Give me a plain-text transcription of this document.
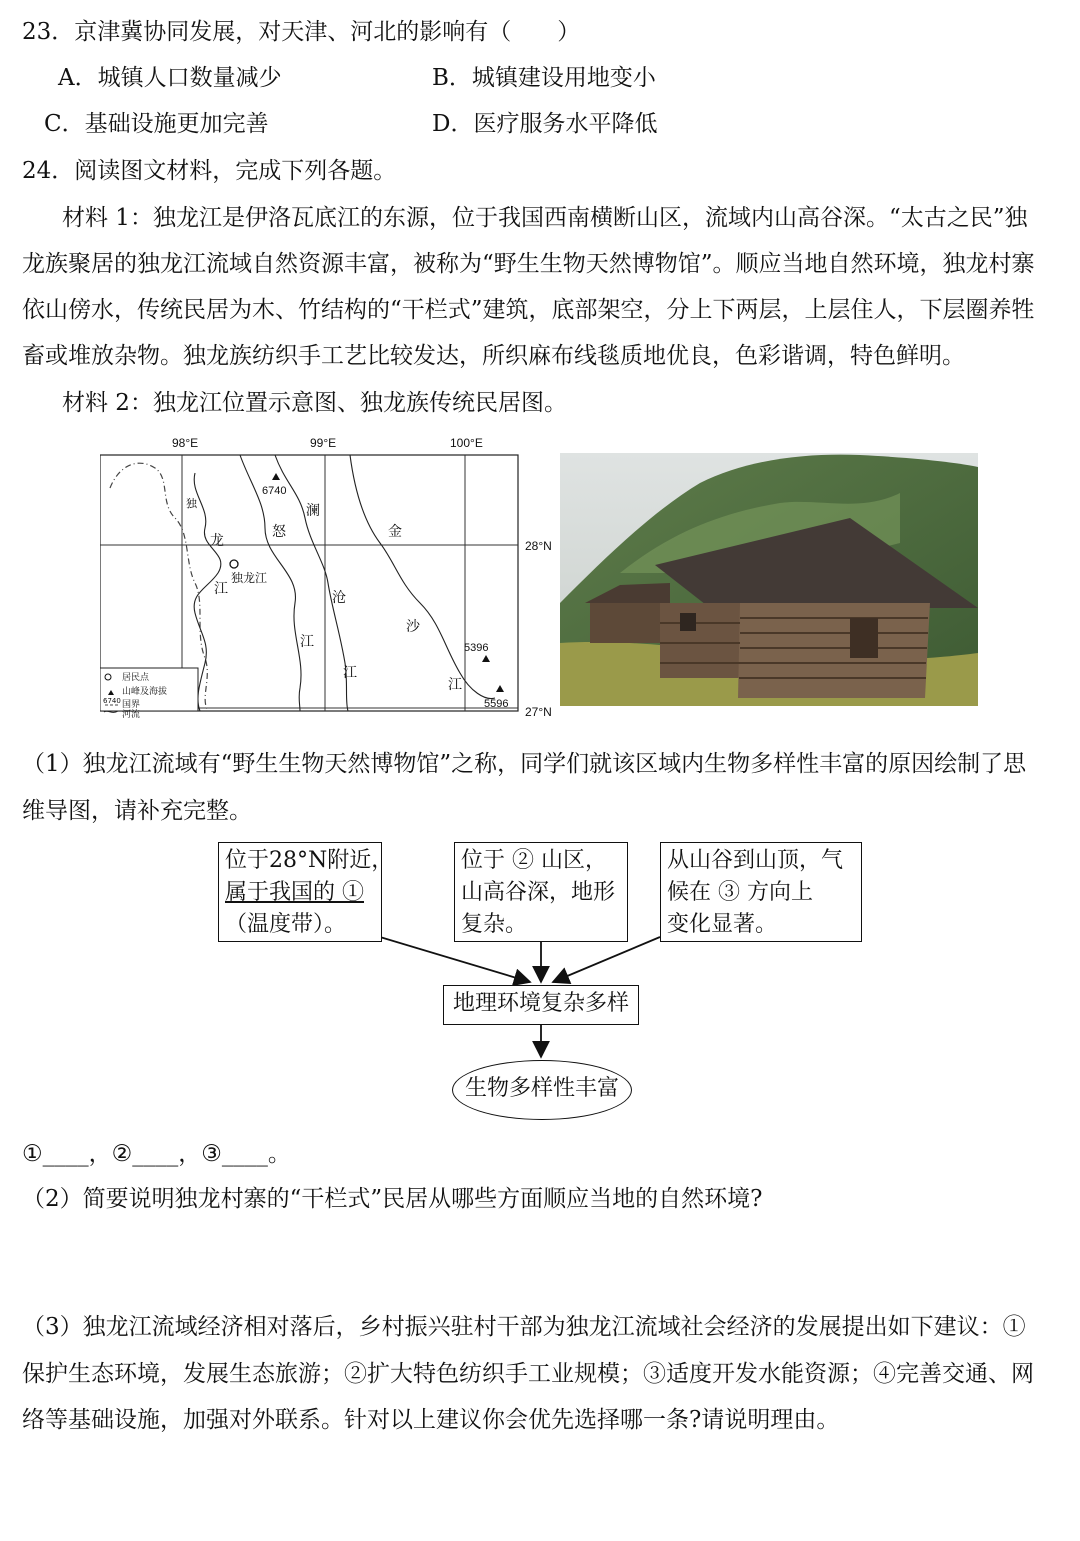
23．京津冀协同发展，对天津、河北的影响有（　　）
A．城镇人口数量减少	B．城镇建设用地变小
C．基础设施更加完善	D．医疗服务水平降低
24．阅读图文材料，完成下列各题。
材料 1：独龙江是伊洛瓦底江的东源，位于我国西南横断山区，流域内山高谷深。“太古之民”独
龙族聚居的独龙江流域自然资源丰富，被称为“野生生物天然博物馆”。顺应当地自然环境，独龙村寨
依山傍水，传统民居为木、竹结构的“干栏式”建筑，底部架空，分上下两层，上层住人，下层圈养牲
畜或堆放杂物。独龙族纺织手工艺比较发达，所织麻布线毯质地优良，色彩谐调，特色鲜明。
材料 2：独龙江位置示意图、独龙族传统民居图。
98°E	99°E	100°E
28°N
27°N
独龙江
6740
5396
5596
独
龙
江
怒
江
澜
沧
江
金
沙
江
居民点
山峰及海拔
6740 国界
河流
（1）独龙江流域有“野生生物天然博物馆”之称，同学们就该区域内生物多样性丰富的原因绘制了思
维导图，请补充完整。
位于28°N附近，
属于我国的 ①
（温度带）。
位于 ② 山区，
山高谷深，地形
复杂。
从山谷到山顶，气
候在 ③ 方向上
变化显著。
地理环境复杂多样
生物多样性丰富
①____，②____，③____。
（2）简要说明独龙村寨的“干栏式”民居从哪些方面顺应当地的自然环境?
（3）独龙江流域经济相对落后，乡村振兴驻村干部为独龙江流域社会经济的发展提出如下建议：①
保护生态环境，发展生态旅游；②扩大特色纺织手工业规模；③适度开发水能资源；④完善交通、网
络等基础设施，加强对外联系。针对以上建议你会优先选择哪一条?请说明理由。
